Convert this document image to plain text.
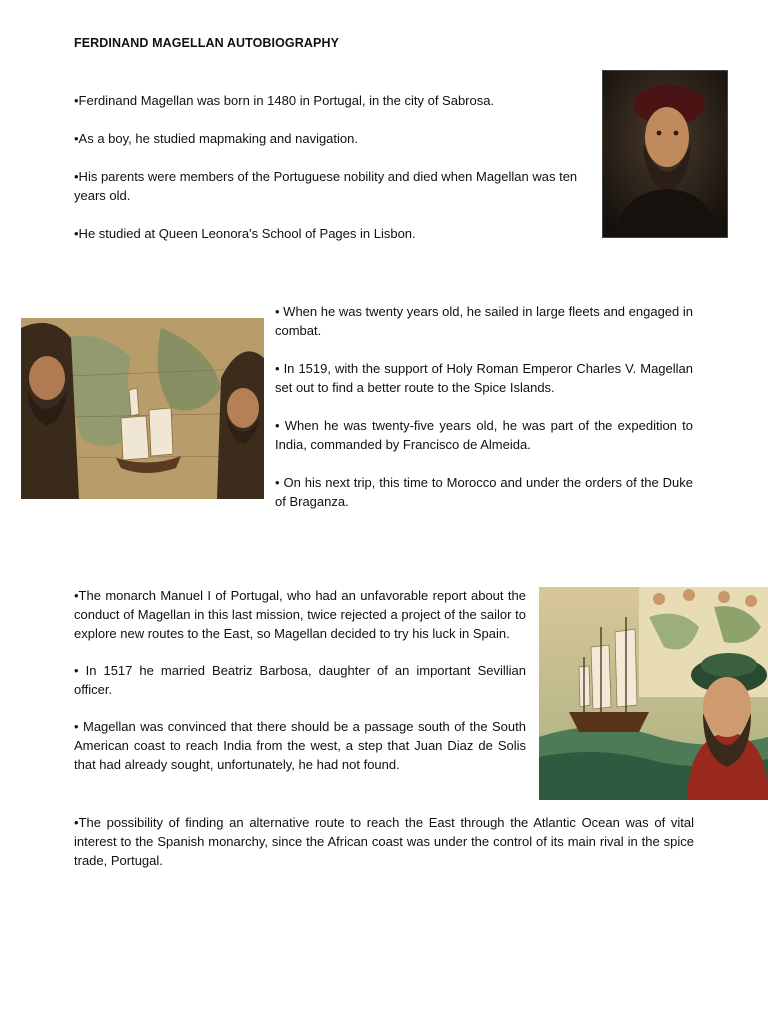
FERDINAND MAGELLAN AUTOBIOGRAPHY

•Ferdinand Magellan was born in 1480 in Portugal, in the city of Sabrosa.

•As a boy, he studied mapmaking and navigation.

•His parents were members of the Portuguese nobility and died when Magellan was ten years old.

•He studied at Queen Leonora's School of Pages in Lisbon.

• When he was twenty years old, he sailed in large fleets and engaged in combat.

• In 1519, with the support of Holy Roman Emperor Charles V. Magellan set out to find a better route to the Spice Islands.

• When he was twenty-five years old, he was part of the expedition to India, commanded by Francisco de Almeida.

• On his next trip, this time to Morocco and under the orders of the Duke of Braganza.

•The monarch Manuel I of Portugal, who had an unfavorable report about the conduct of Magellan in this last mission, twice rejected a project of the sailor to explore new routes to the East, so Magellan decided to try his luck in Spain.

• In 1517 he married Beatriz Barbosa, daughter of an important Sevillian officer.

• Magellan was convinced that there should be a passage south of the South American coast to reach India from the west, a step that Juan Diaz de Solis that had already sought, unfortunately, he had not found.

•The possibility of finding an alternative route to reach the East through the Atlantic Ocean was of vital interest to the Spanish monarchy, since the African coast was under the control of its main rival in the spice trade, Portugal.
